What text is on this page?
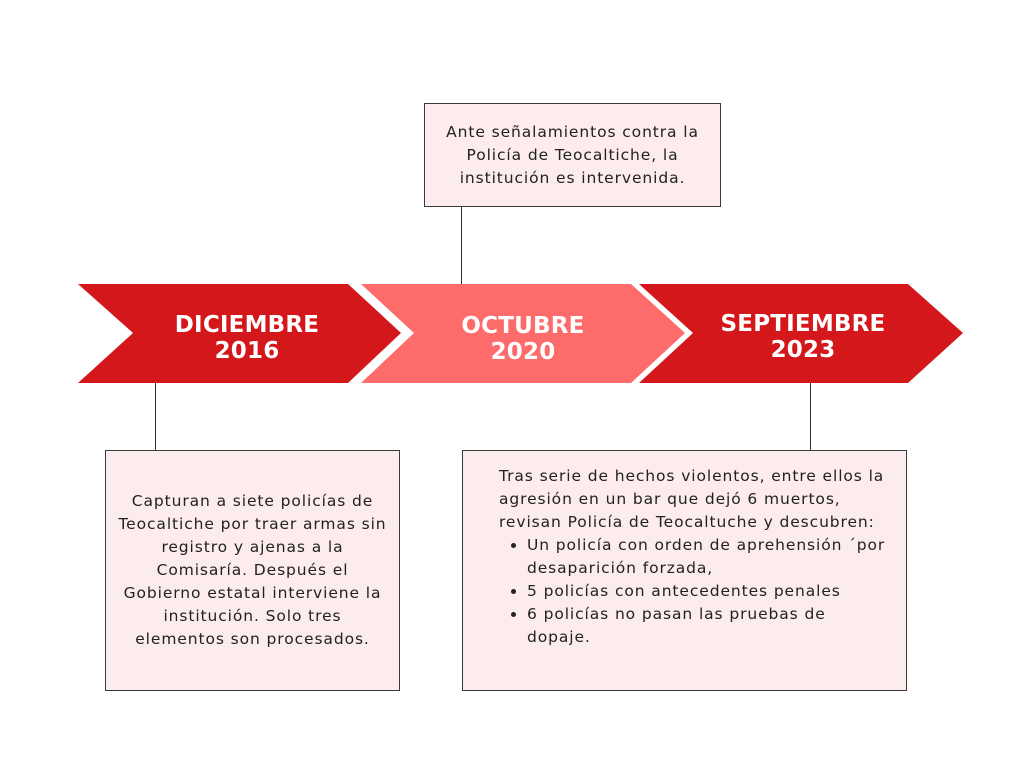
DICIEMBRE
2016
OCTUBRE
2020
SEPTIEMBRE
2023
Ante señalamientos contra la Policía de Teocaltiche, la institución es intervenida.
Capturan a siete policías de Teocaltiche por traer armas sin registro y ajenas a la Comisaría. Después el Gobierno estatal interviene la institución. Solo tres elementos son procesados.
Tras serie de hechos violentos, entre ellos la agresión en un bar que dejó 6 muertos, revisan Policía de Teocaltuche y descubren:
• Un policía con orden de aprehensión ´por desaparición forzada,
• 5 policías con antecedentes penales
• 6 policías no pasan las pruebas de dopaje.
